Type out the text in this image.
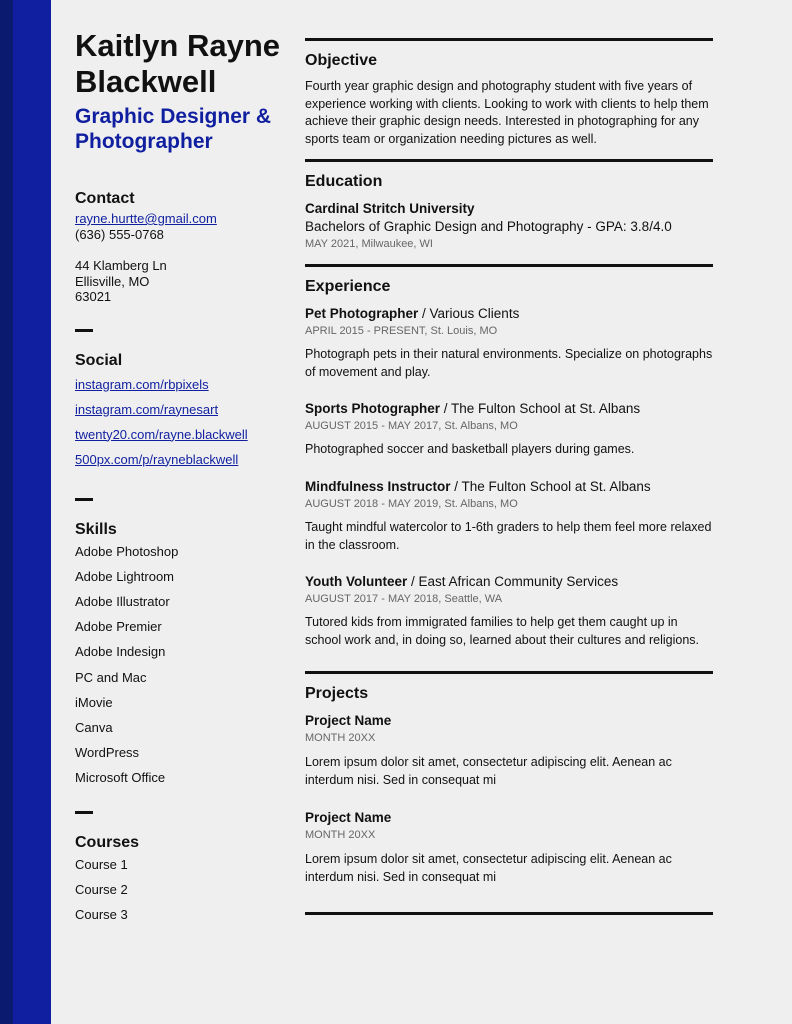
Kaitlyn Rayne Blackwell
Graphic Designer & Photographer
Contact
rayne.hurtte@gmail.com
(636) 555-0768
44 Klamberg Ln
Ellisville, MO
63021
Social
instagram.com/rbpixels
instagram.com/raynesart
twenty20.com/rayne.blackwell
500px.com/p/rayneblackwell
Skills
Adobe Photoshop
Adobe Lightroom
Adobe Illustrator
Adobe Premier
Adobe Indesign
PC and Mac
iMovie
Canva
WordPress
Microsoft Office
Courses
Course 1
Course 2
Course 3
Objective

Fourth year graphic design and photography student with five years of experience working with clients. Looking to work with clients to help them achieve their graphic design needs. Interested in photographing for any sports team or organization needing pictures as well.

Education
Cardinal Stritch University
Bachelors of Graphic Design and Photography - GPA: 3.8/4.0
MAY 2021, Milwaukee, WI
Experience
Pet Photographer / Various Clients
APRIL 2015 - PRESENT, St. Louis, MO
Photograph pets in their natural environments. Specialize on photographs of movement and play.
Sports Photographer / The Fulton School at St. Albans
AUGUST 2015 - MAY 2017, St. Albans, MO
Photographed soccer and basketball players during games.
Mindfulness Instructor / The Fulton School at St. Albans
AUGUST 2018 - MAY 2019, St. Albans, MO
Taught mindful watercolor to 1-6th graders to help them feel more relaxed in the classroom.
Youth Volunteer / East African Community Services
AUGUST 2017 - MAY 2018, Seattle, WA
Tutored kids from immigrated families to help get them caught up in school work and, in doing so, learned about their cultures and religions.
Projects
Project Name
MONTH 20XX
Lorem ipsum dolor sit amet, consectetur adipiscing elit. Aenean ac interdum nisi. Sed in consequat mi
Project Name
MONTH 20XX
Lorem ipsum dolor sit amet, consectetur adipiscing elit. Aenean ac interdum nisi. Sed in consequat mi
